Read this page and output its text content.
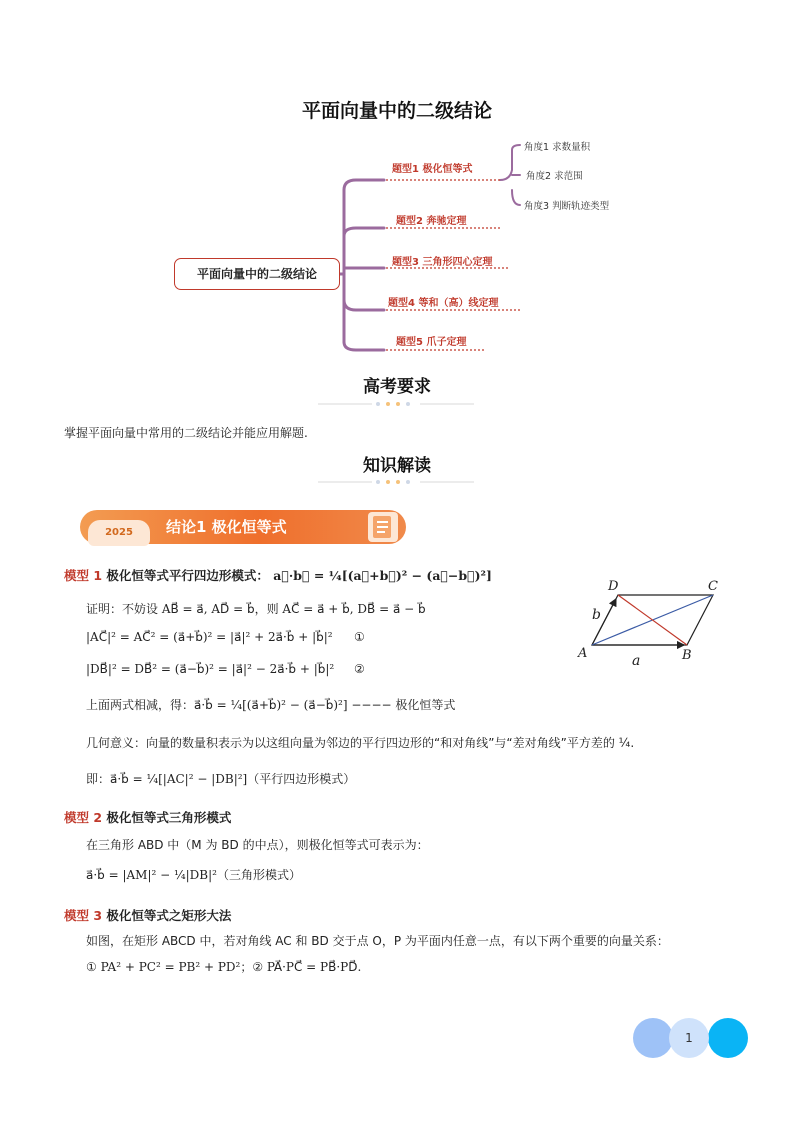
平面向量中的二级结论
平面向量中的二级结论
题型1 极化恒等式
题型2 奔驰定理
题型3 三角形四心定理
题型4 等和（高）线定理
题型5 爪子定理
角度1 求数量积
角度2 求范围
角度3 判断轨迹类型
高考要求
掌握平面向量中常用的二级结论并能应用解题.
知识解读
2025	结论1 极化恒等式
模型 1 极化恒等式平行四边形模式： a⃗·b⃗ = ¼[(a⃗+b⃗)² − (a⃗−b⃗)²]
证明：不妨设 AB⃗ = a⃗, AD⃗ = b⃗，则 AC⃗ = a⃗ + b⃗, DB⃗ = a⃗ − b⃗
|AC⃗|² = AC⃗² = (a⃗+b⃗)² = |a⃗|² + 2a⃗·b⃗ + |b⃗|² ①
|DB⃗|² = DB⃗² = (a⃗−b⃗)² = |a⃗|² − 2a⃗·b⃗ + |b⃗|² ②
上面两式相减，得：a⃗·b⃗ = ¼[(a⃗+b⃗)² − (a⃗−b⃗)²] −−−− 极化恒等式
几何意义：向量的数量积表示为以这组向量为邻边的平行四边形的“和对角线”与“差对角线”平方差的 ¼.
即：a⃗·b⃗ = ¼[|AC|² − |DB|²]（平行四边形模式）
A	B
C
D
a
b
模型 2 极化恒等式三角形模式
在三角形 ABD 中（M 为 BD 的中点），则极化恒等式可表示为：
a⃗·b⃗ = |AM|² − ¼|DB|²（三角形模式）
模型 3 极化恒等式之矩形大法
如图，在矩形 ABCD 中，若对角线 AC 和 BD 交于点 O，P 为平面内任意一点，有以下两个重要的向量关系：
① PA² + PC² = PB² + PD²；② PA⃗·PC⃗ = PB⃗·PD⃗.
1
